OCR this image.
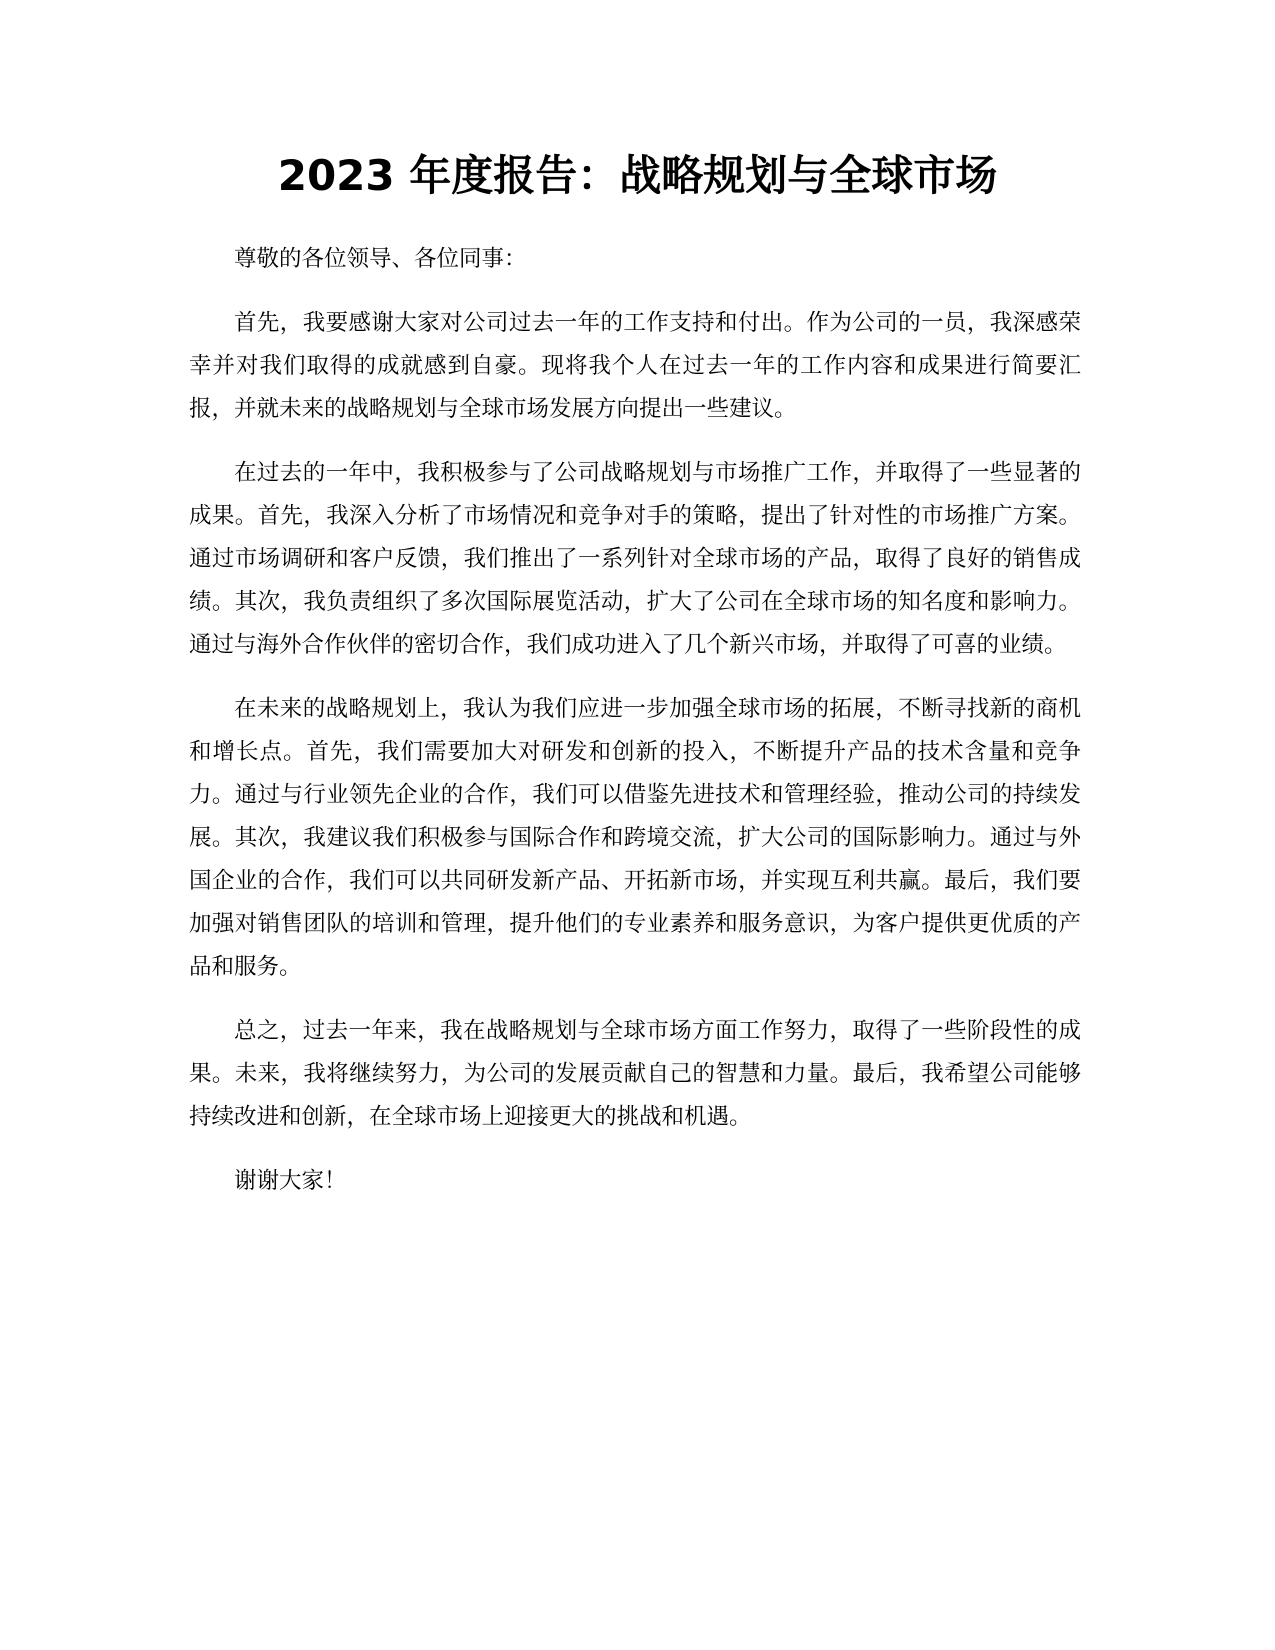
2023 年度报告：战略规划与全球市场

尊敬的各位领导、各位同事：

首先，我要感谢大家对公司过去一年的工作支持和付出。作为公司的一员，我深感荣幸并对我们取得的成就感到自豪。现将我个人在过去一年的工作内容和成果进行简要汇报，并就未来的战略规划与全球市场发展方向提出一些建议。

在过去的一年中，我积极参与了公司战略规划与市场推广工作，并取得了一些显著的成果。首先，我深入分析了市场情况和竞争对手的策略，提出了针对性的市场推广方案。通过市场调研和客户反馈，我们推出了一系列针对全球市场的产品，取得了良好的销售成绩。其次，我负责组织了多次国际展览活动，扩大了公司在全球市场的知名度和影响力。通过与海外合作伙伴的密切合作，我们成功进入了几个新兴市场，并取得了可喜的业绩。

在未来的战略规划上，我认为我们应进一步加强全球市场的拓展，不断寻找新的商机和增长点。首先，我们需要加大对研发和创新的投入，不断提升产品的技术含量和竞争力。通过与行业领先企业的合作，我们可以借鉴先进技术和管理经验，推动公司的持续发展。其次，我建议我们积极参与国际合作和跨境交流，扩大公司的国际影响力。通过与外国企业的合作，我们可以共同研发新产品、开拓新市场，并实现互利共赢。最后，我们要加强对销售团队的培训和管理，提升他们的专业素养和服务意识，为客户提供更优质的产品和服务。

总之，过去一年来，我在战略规划与全球市场方面工作努力，取得了一些阶段性的成果。未来，我将继续努力，为公司的发展贡献自己的智慧和力量。最后，我希望公司能够持续改进和创新，在全球市场上迎接更大的挑战和机遇。

谢谢大家！
